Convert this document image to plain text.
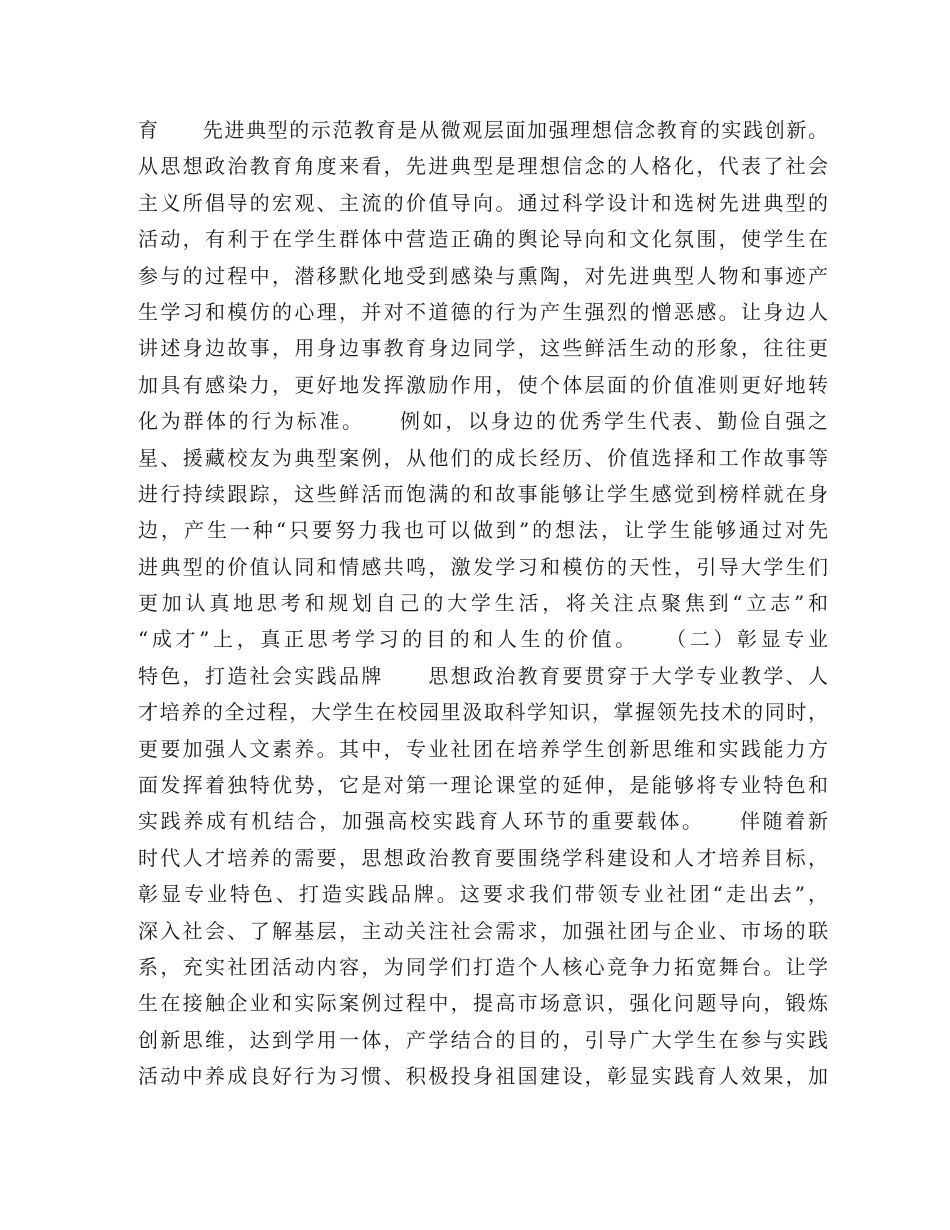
育　　先进典型的示范教育是从微观层面加强理想信念教育的实践创新。
从思想政治教育角度来看，先进典型是理想信念的人格化，代表了社会
主义所倡导的宏观、主流的价值导向。通过科学设计和选树先进典型的
活动，有利于在学生群体中营造正确的舆论导向和文化氛围，使学生在
参与的过程中，潜移默化地受到感染与熏陶，对先进典型人物和事迹产
生学习和模仿的心理，并对不道德的行为产生强烈的憎恶感。让身边人
讲述身边故事，用身边事教育身边同学，这些鲜活生动的形象，往往更
加具有感染力，更好地发挥激励作用，使个体层面的价值准则更好地转
化为群体的行为标准。　　例如，以身边的优秀学生代表、勤俭自强之
星、援藏校友为典型案例，从他们的成长经历、价值选择和工作故事等
进行持续跟踪，这些鲜活而饱满的和故事能够让学生感觉到榜样就在身
边，产生一种“只要努力我也可以做到”的想法，让学生能够通过对先
进典型的价值认同和情感共鸣，激发学习和模仿的天性，引导大学生们
更加认真地思考和规划自己的大学生活，将关注点聚焦到“立志”和
“成才”上，真正思考学习的目的和人生的价值。　　（二）彰显专业
特色，打造社会实践品牌　　思想政治教育要贯穿于大学专业教学、人
才培养的全过程，大学生在校园里汲取科学知识，掌握领先技术的同时，
更要加强人文素养。其中，专业社团在培养学生创新思维和实践能力方
面发挥着独特优势，它是对第一理论课堂的延伸，是能够将专业特色和
实践养成有机结合，加强高校实践育人环节的重要载体。　　伴随着新
时代人才培养的需要，思想政治教育要围绕学科建设和人才培养目标，
彰显专业特色、打造实践品牌。这要求我们带领专业社团“走出去”，
深入社会、了解基层，主动关注社会需求，加强社团与企业、市场的联
系，充实社团活动内容，为同学们打造个人核心竞争力拓宽舞台。让学
生在接触企业和实际案例过程中，提高市场意识，强化问题导向，锻炼
创新思维，达到学用一体，产学结合的目的，引导广大学生在参与实践
活动中养成良好行为习惯、积极投身祖国建设，彰显实践育人效果，加
